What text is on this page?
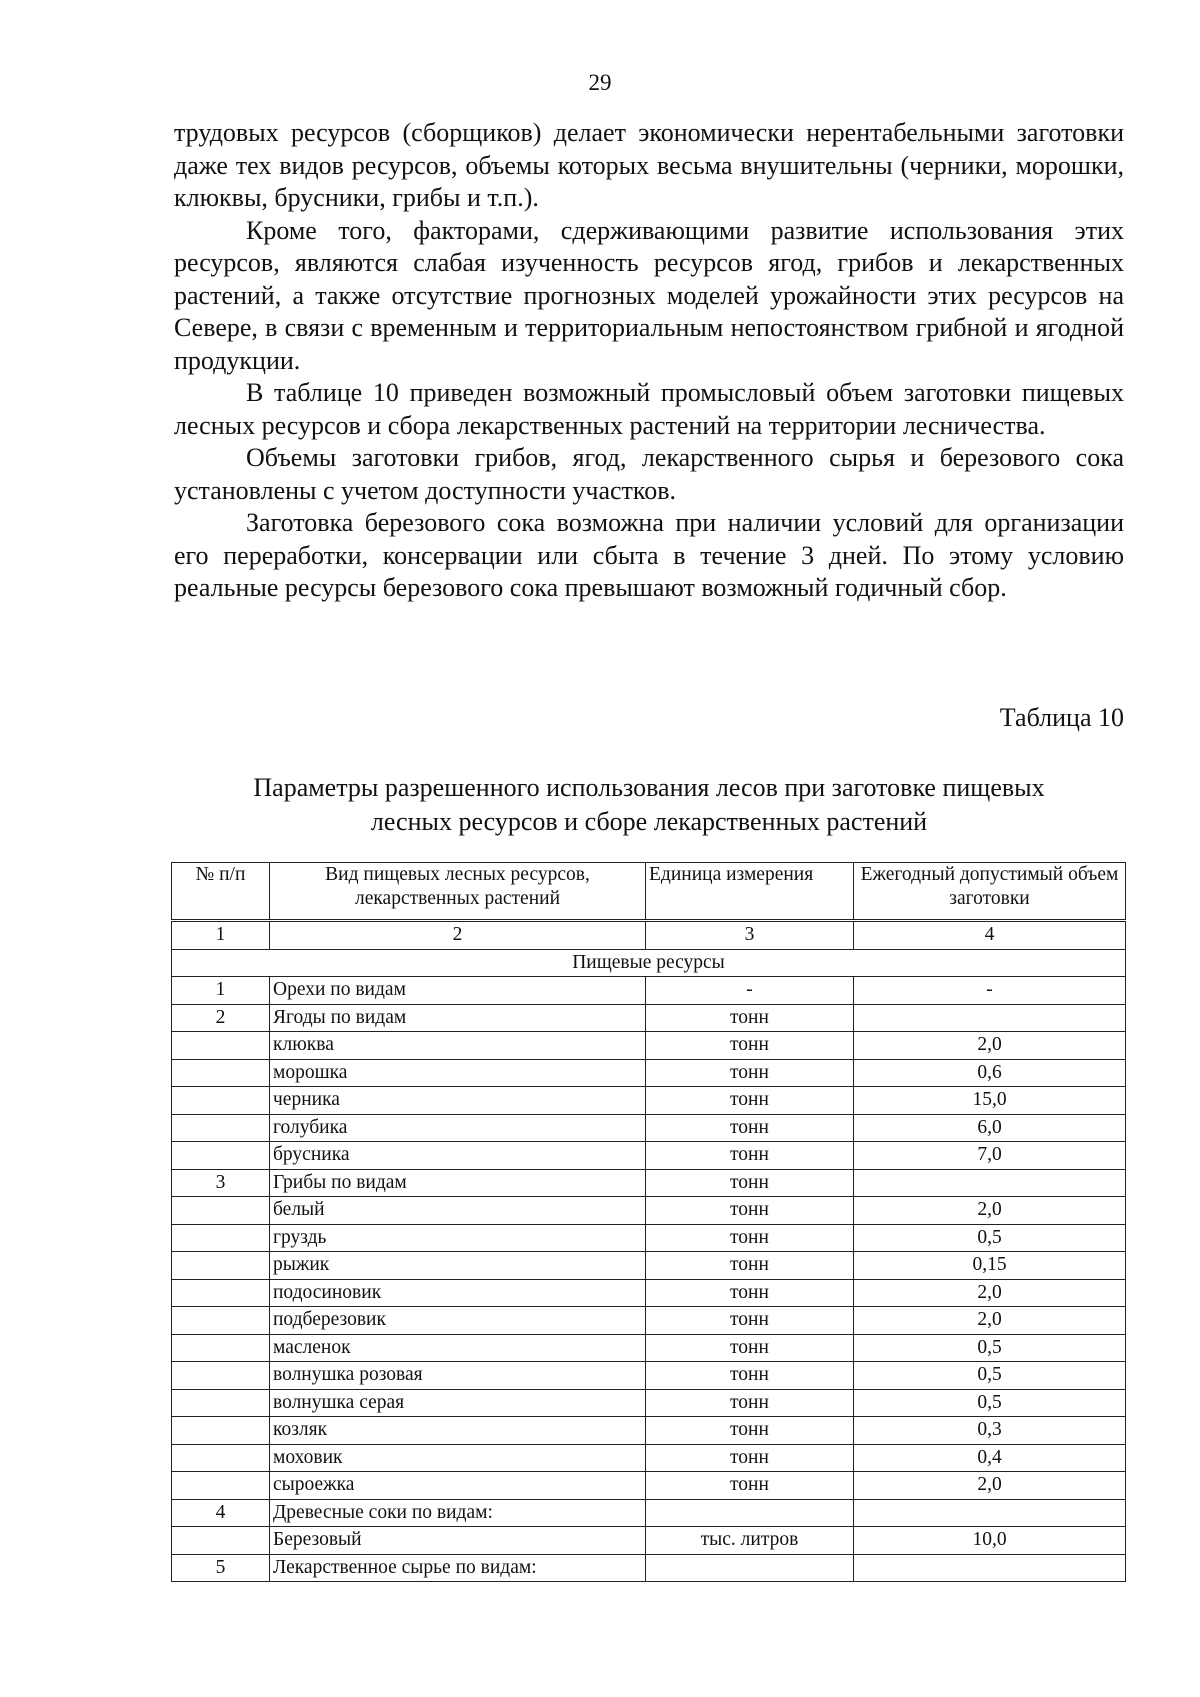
29

трудовых ресурсов (сборщиков) делает экономически нерентабельными заготовки даже тех видов ресурсов, объемы которых весьма внушительны (черники, морошки, клюквы, брусники, грибы и т.п.).

Кроме того, факторами, сдерживающими развитие использования этих ресурсов, являются слабая изученность ресурсов ягод, грибов и лекарственных растений, а также отсутствие прогнозных моделей урожайности этих ресурсов на Севере, в связи с временным и территориальным непостоянством грибной и ягодной продукции.

В таблице 10 приведен возможный промысловый объем заготовки пищевых лесных ресурсов и сбора лекарственных растений на территории лесничества.

Объемы заготовки грибов, ягод, лекарственного сырья и березового сока установлены с учетом доступности участков.

Заготовка березового сока возможна при наличии условий для организации его переработки, консервации или сбыта в течение 3 дней. По этому условию реальные ресурсы березового сока превышают возможный годичный сбор.

Таблица 10
Параметры разрешенного использования лесов при заготовке пищевых
лесных ресурсов и сборе лекарственных растений
№ п/п	Вид пищевых лесных ресурсов, лекарственных растений	Единица измерения	Ежегодный допустимый объем заготовки
1	2	3	4
Пищевые ресурсы			
1	Орехи по видам	-	-
2	Ягоды по видам	тонн	
	клюква	тонн	2,0
	морошка	тонн	0,6
	черника	тонн	15,0
	голубика	тонн	6,0
	брусника	тонн	7,0
3	Грибы по видам	тонн	
	белый	тонн	2,0
	груздь	тонн	0,5
	рыжик	тонн	0,15
	подосиновик	тонн	2,0
	подберезовик	тонн	2,0
	масленок	тонн	0,5
	волнушка розовая	тонн	0,5
	волнушка серая	тонн	0,5
	козляк	тонн	0,3
	моховик	тонн	0,4
	сыроежка	тонн	2,0
4	Древесные соки по видам:		
	Березовый	тыс. литров	10,0
5	Лекарственное сырье по видам:		
